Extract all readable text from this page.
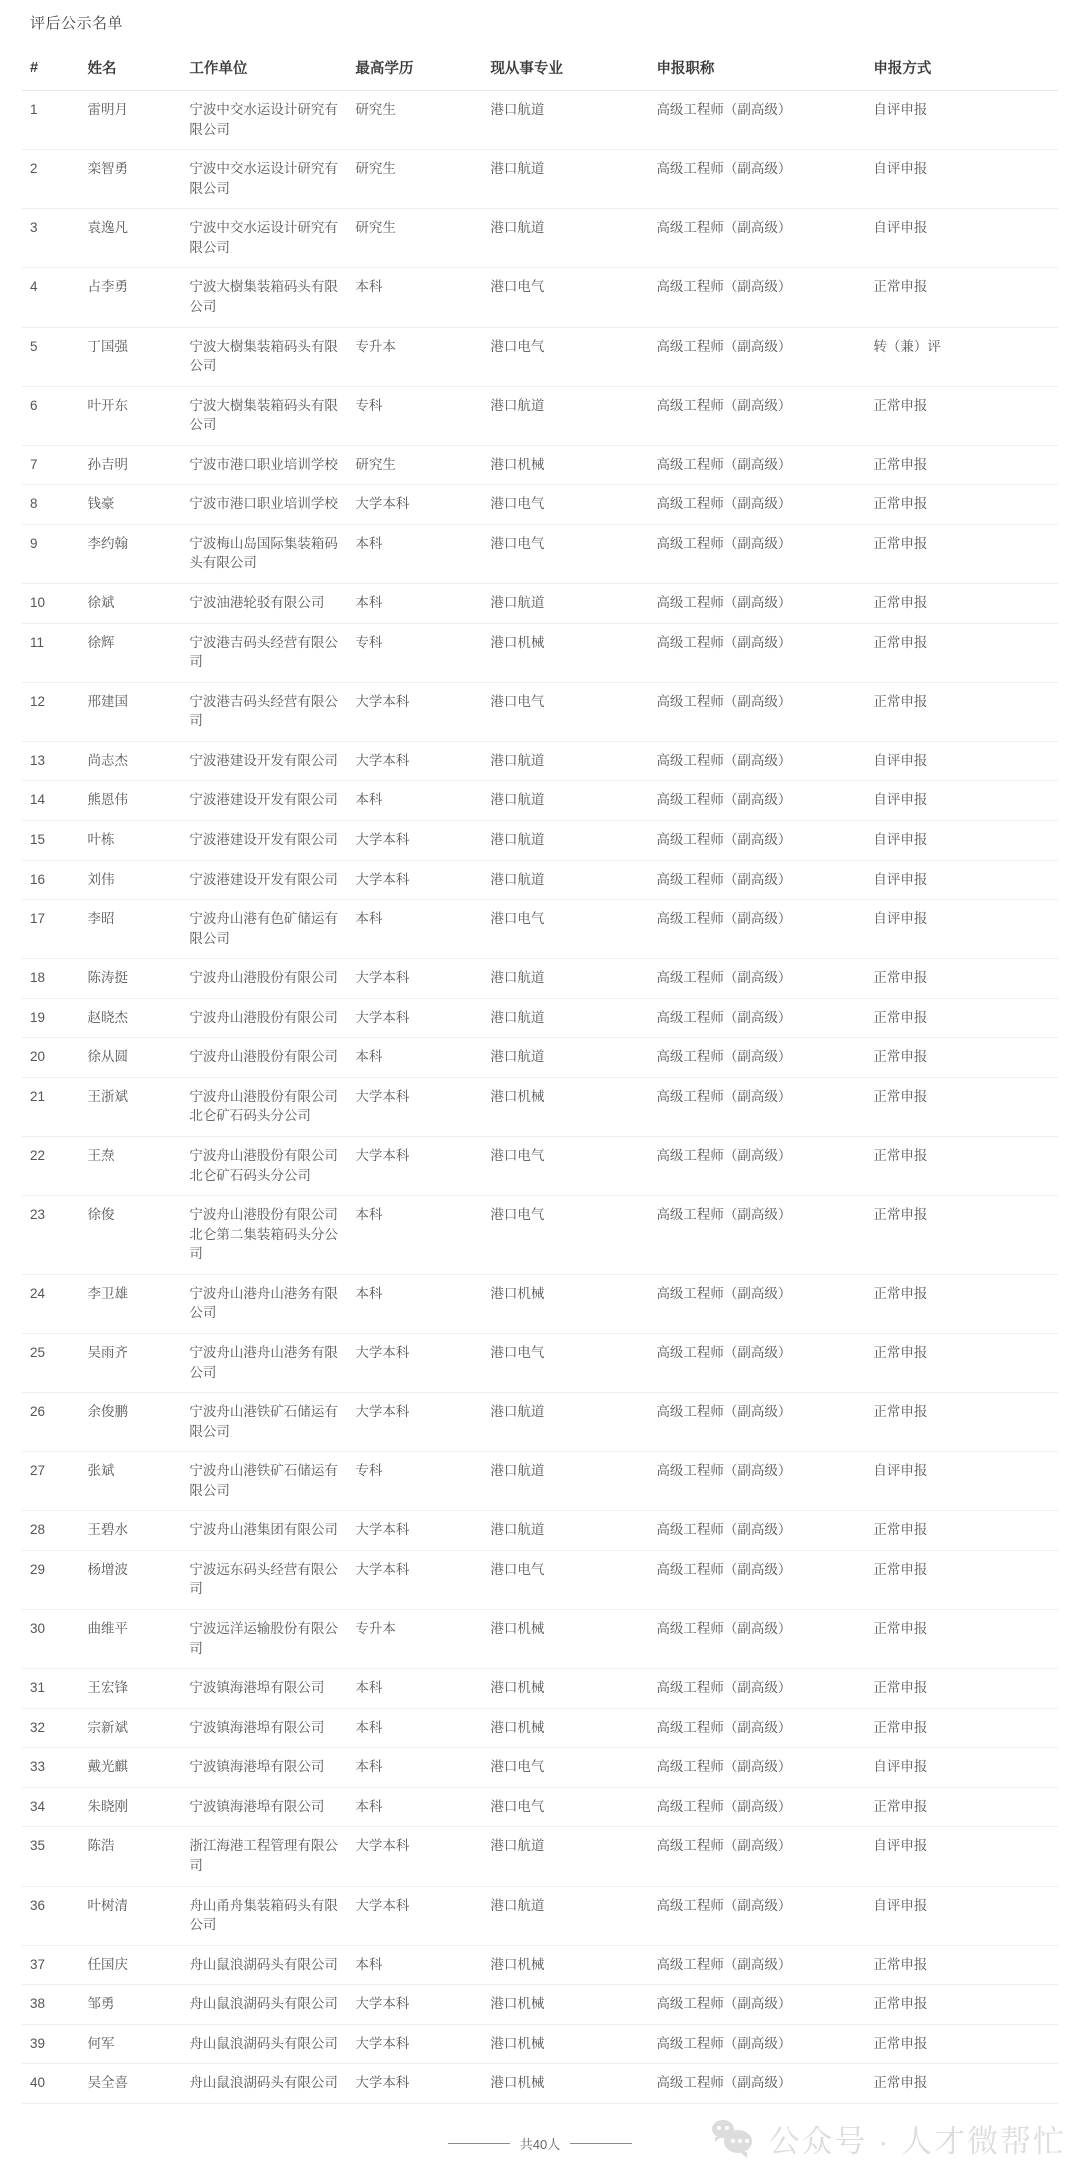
评后公示名单
#	姓名	工作单位	最高学历	现从事专业	申报职称	申报方式
1	雷明月	宁波中交水运设计研究有限公司	研究生	港口航道	高级工程师（副高级）	自评申报
2	栾智勇	宁波中交水运设计研究有限公司	研究生	港口航道	高级工程师（副高级）	自评申报
3	袁逸凡	宁波中交水运设计研究有限公司	研究生	港口航道	高级工程师（副高级）	自评申报
4	占李勇	宁波大樹集装箱码头有限公司	本科	港口电气	高级工程师（副高级）	正常申报
5	丁国强	宁波大樹集装箱码头有限公司	专升本	港口电气	高级工程师（副高级）	转（兼）评
6	叶开东	宁波大樹集装箱码头有限公司	专科	港口航道	高级工程师（副高级）	正常申报
7	孙吉明	宁波市港口职业培训学校	研究生	港口机械	高级工程师（副高级）	正常申报
8	钱豪	宁波市港口职业培训学校	大学本科	港口电气	高级工程师（副高级）	正常申报
9	李约翰	宁波梅山岛国际集装箱码头有限公司	本科	港口电气	高级工程师（副高级）	正常申报
10	徐斌	宁波油港轮驳有限公司	本科	港口航道	高级工程师（副高级）	正常申报
11	徐辉	宁波港吉码头经营有限公司	专科	港口机械	高级工程师（副高级）	正常申报
12	邢建国	宁波港吉码头经营有限公司	大学本科	港口电气	高级工程师（副高级）	正常申报
13	尚志杰	宁波港建设开发有限公司	大学本科	港口航道	高级工程师（副高级）	自评申报
14	熊恩伟	宁波港建设开发有限公司	本科	港口航道	高级工程师（副高级）	自评申报
15	叶栋	宁波港建设开发有限公司	大学本科	港口航道	高级工程师（副高级）	自评申报
16	刘伟	宁波港建设开发有限公司	大学本科	港口航道	高级工程师（副高级）	自评申报
17	李昭	宁波舟山港有色矿储运有限公司	本科	港口电气	高级工程师（副高级）	自评申报
18	陈涛挺	宁波舟山港股份有限公司	大学本科	港口航道	高级工程师（副高级）	正常申报
19	赵晓杰	宁波舟山港股份有限公司	大学本科	港口航道	高级工程师（副高级）	正常申报
20	徐从圆	宁波舟山港股份有限公司	本科	港口航道	高级工程师（副高级）	正常申报
21	王浙斌	宁波舟山港股份有限公司北仑矿石码头分公司	大学本科	港口机械	高级工程师（副高级）	正常申报
22	王焘	宁波舟山港股份有限公司北仑矿石码头分公司	大学本科	港口电气	高级工程师（副高级）	正常申报
23	徐俊	宁波舟山港股份有限公司北仑第二集装箱码头分公司	本科	港口电气	高级工程师（副高级）	正常申报
24	李卫雄	宁波舟山港舟山港务有限公司	本科	港口机械	高级工程师（副高级）	正常申报
25	吴雨齐	宁波舟山港舟山港务有限公司	大学本科	港口电气	高级工程师（副高级）	正常申报
26	余俊鹏	宁波舟山港铁矿石储运有限公司	大学本科	港口航道	高级工程师（副高级）	正常申报
27	张斌	宁波舟山港铁矿石储运有限公司	专科	港口航道	高级工程师（副高级）	自评申报
28	王碧水	宁波舟山港集团有限公司	大学本科	港口航道	高级工程师（副高级）	正常申报
29	杨增波	宁波远东码头经营有限公司	大学本科	港口电气	高级工程师（副高级）	正常申报
30	曲维平	宁波远洋运输股份有限公司	专升本	港口机械	高级工程师（副高级）	正常申报
31	王宏锋	宁波镇海港埠有限公司	本科	港口机械	高级工程师（副高级）	正常申报
32	宗新斌	宁波镇海港埠有限公司	本科	港口机械	高级工程师（副高级）	正常申报
33	戴光麒	宁波镇海港埠有限公司	本科	港口电气	高级工程师（副高级）	自评申报
34	朱晓刚	宁波镇海港埠有限公司	本科	港口电气	高级工程师（副高级）	正常申报
35	陈浩	浙江海港工程管理有限公司	大学本科	港口航道	高级工程师（副高级）	自评申报
36	叶树清	舟山甬舟集装箱码头有限公司	大学本科	港口航道	高级工程师（副高级）	自评申报
37	任国庆	舟山鼠浪湖码头有限公司	本科	港口机械	高级工程师（副高级）	正常申报
38	邹勇	舟山鼠浪湖码头有限公司	大学本科	港口机械	高级工程师（副高级）	正常申报
39	何军	舟山鼠浪湖码头有限公司	大学本科	港口机械	高级工程师（副高级）	正常申报
40	吴全喜	舟山鼠浪湖码头有限公司	大学本科	港口机械	高级工程师（副高级）	正常申报
共40人	公众号 · 人才微帮忙
